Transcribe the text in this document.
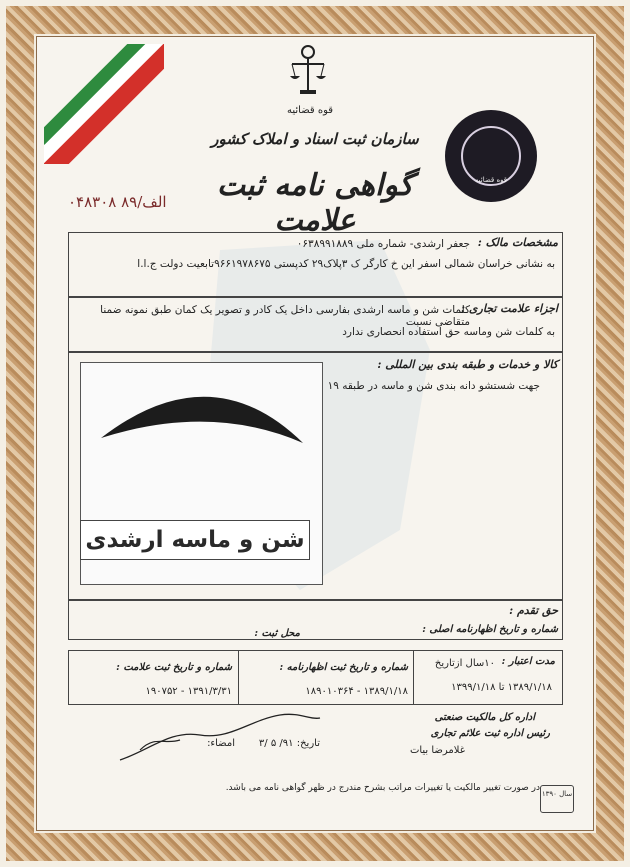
قوه قضائیه
سازمان ثبت اسناد و املاک کشور
گواهی نامه ثبت علامت
الف/۸۹ ۰۴۸۳۰۸
قوه قضائیه
مشخصات مالک :
جعفر ارشدی- شماره ملی ۰۶۳۸۹۹۱۸۸۹
به نشانی خراسان شمالی اسفر این خ کارگر ک ۳پلاک۲۹ کدپستی ۹۶۶۱۹۷۸۶۷۵تابعیت دولت ج.ا.ا
اجزاء علامت تجاری :
کلمات شن و ماسه ارشدی بفارسی داخل یک کادر و تصویر یک کمان طبق نمونه ضمنا متقاضی نسبت
به کلمات شن وماسه حق استفاده انحصاری ندارد
کالا و خدمات و طبقه بندی بین المللی :
جهت شستشو دانه بندی شن و ماسه در طبقه ۱۹
شن و ماسه ارشدی
حق تقدم :
شماره و تاریخ اظهارنامه اصلی :
محل ثبت :
مدت اعتبار :
۱۰سال ازتاریخ
۱۳۸۹/۱/۱۸ تا ۱۳۹۹/۱/۱۸
شماره و تاریخ ثبت اظهارنامه :
۱۳۸۹/۱/۱۸ - ۱۸۹۰۱۰۳۶۴
شماره و تاریخ ثبت علامت :
۱۳۹۱/۳/۳۱ - ۱۹۰۷۵۲
اداره کل مالکیت صنعتی
رئیس اداره ثبت علائم تجاری
غلامرضا بیات
تاریخ: ۹۱/ ۵ /۳
امضاء:
در صورت تغییر مالکیت یا تغییرات مراتب بشرح مندرج در ظهر گواهی نامه می باشد.
سال ۱۳۹۰
